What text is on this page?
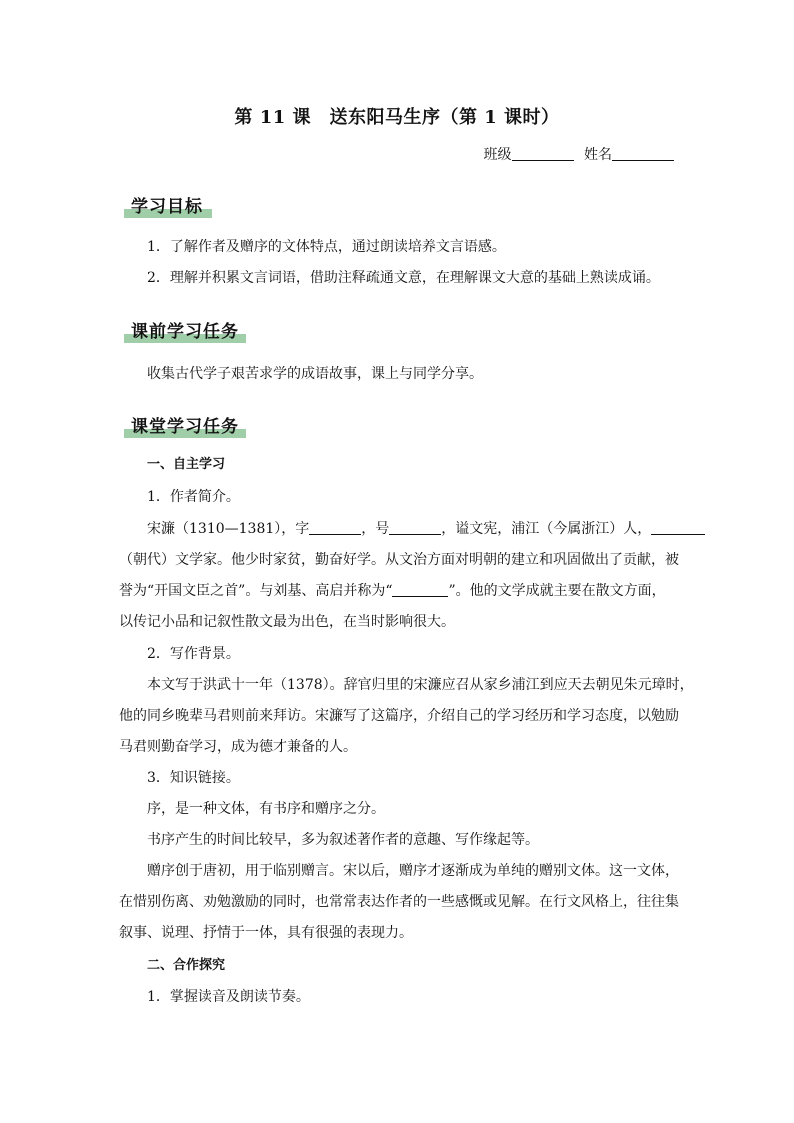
第 11 课　送东阳马生序（第 1 课时）
班级	姓名
学习目标
1．了解作者及赠序的文体特点，通过朗读培养文言语感。
2．理解并积累文言词语，借助注释疏通文意，在理解课文大意的基础上熟读成诵。
课前学习任务
收集古代学子艰苦求学的成语故事，课上与同学分享。
课堂学习任务
一、自主学习
1．作者简介。
宋濂（1310—1381），字	，号	，谥文宪，浦江（今属浙江）人，
（朝代）文学家。他少时家贫，勤奋好学。从文治方面对明朝的建立和巩固做出了贡献，被
誉为“开国文臣之首”。与刘基、高启并称为“	”。他的文学成就主要在散文方面，
以传记小品和记叙性散文最为出色，在当时影响很大。
2．写作背景。
本文写于洪武十一年（1378）。辞官归里的宋濂应召从家乡浦江到应天去朝见朱元璋时，
他的同乡晚辈马君则前来拜访。宋濂写了这篇序，介绍自己的学习经历和学习态度，以勉励
马君则勤奋学习，成为德才兼备的人。
3．知识链接。
序，是一种文体，有书序和赠序之分。
书序产生的时间比较早，多为叙述著作者的意趣、写作缘起等。
赠序创于唐初，用于临别赠言。宋以后，赠序才逐渐成为单纯的赠别文体。这一文体，
在惜别伤离、劝勉激励的同时，也常常表达作者的一些感慨或见解。在行文风格上，往往集
叙事、说理、抒情于一体，具有很强的表现力。
二、合作探究
1．掌握读音及朗读节奏。
